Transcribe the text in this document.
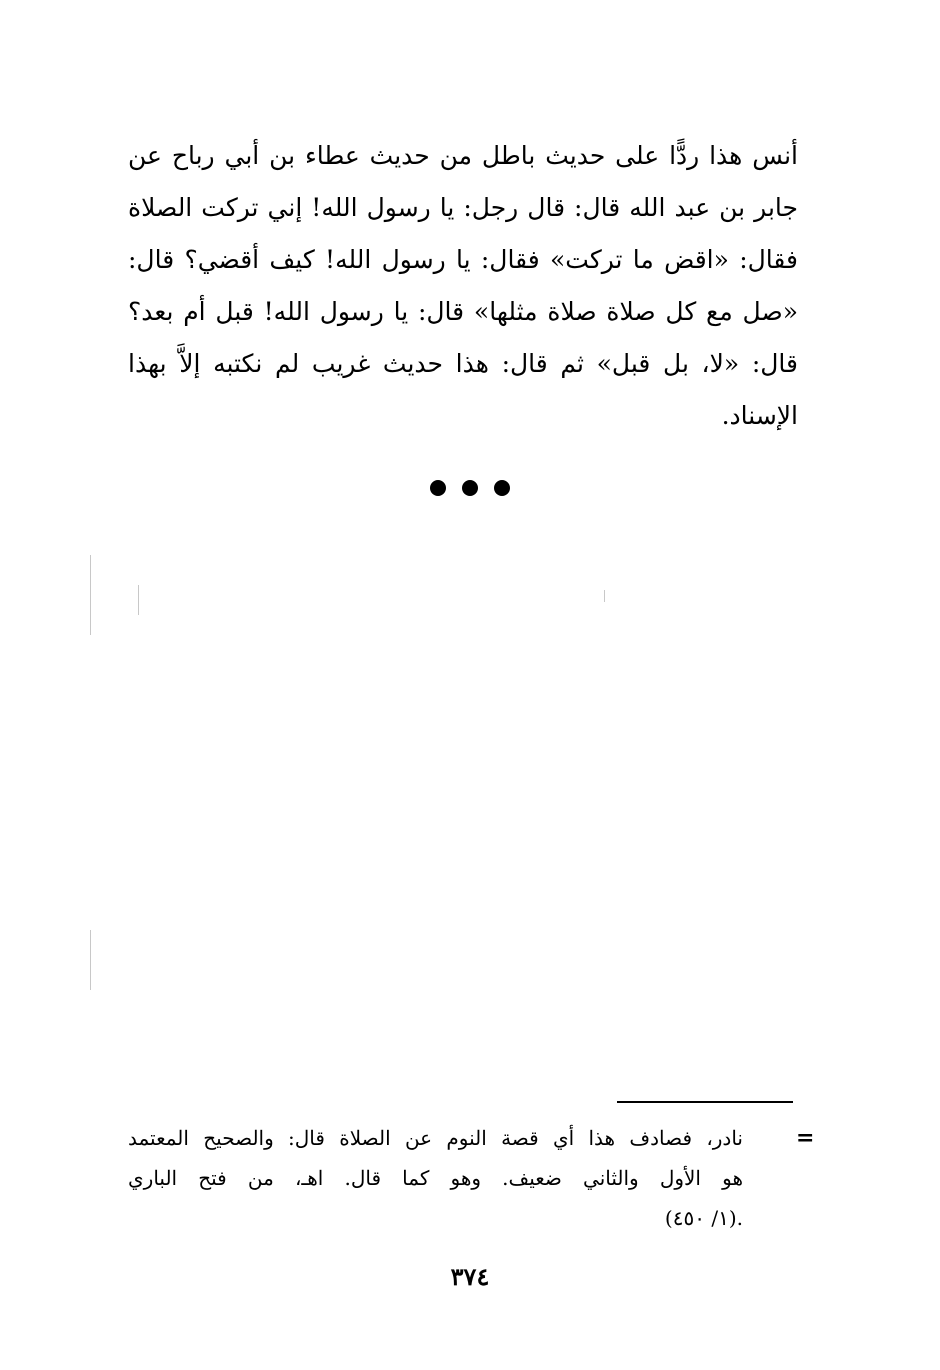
أنس هذا ردًّا على حديث باطل من حديث عطاء بن أبي رباح عن
جابر بن عبد الله قال: قال رجل: يا رسول الله! إني تركت الصلاة
فقال: «اقض ما تركت» فقال: يا رسول الله! كيف أقضي؟ قال:
«صل مع كل صلاة صلاة مثلها» قال: يا رسول الله! قبل أم بعد؟
قال: «لا، بل قبل» ثم قال: هذا حديث غريب لم نكتبه إلاَّ بهذا
الإسناد.

=
نادر، فصادف هذا أي قصة النوم عن الصلاة قال: والصحيح المعتمد
هو الأول والثاني ضعيف. وهو كما قال. اهـ، من فتح الباري
.(١/ ٤٥٠)
٣٧٤
